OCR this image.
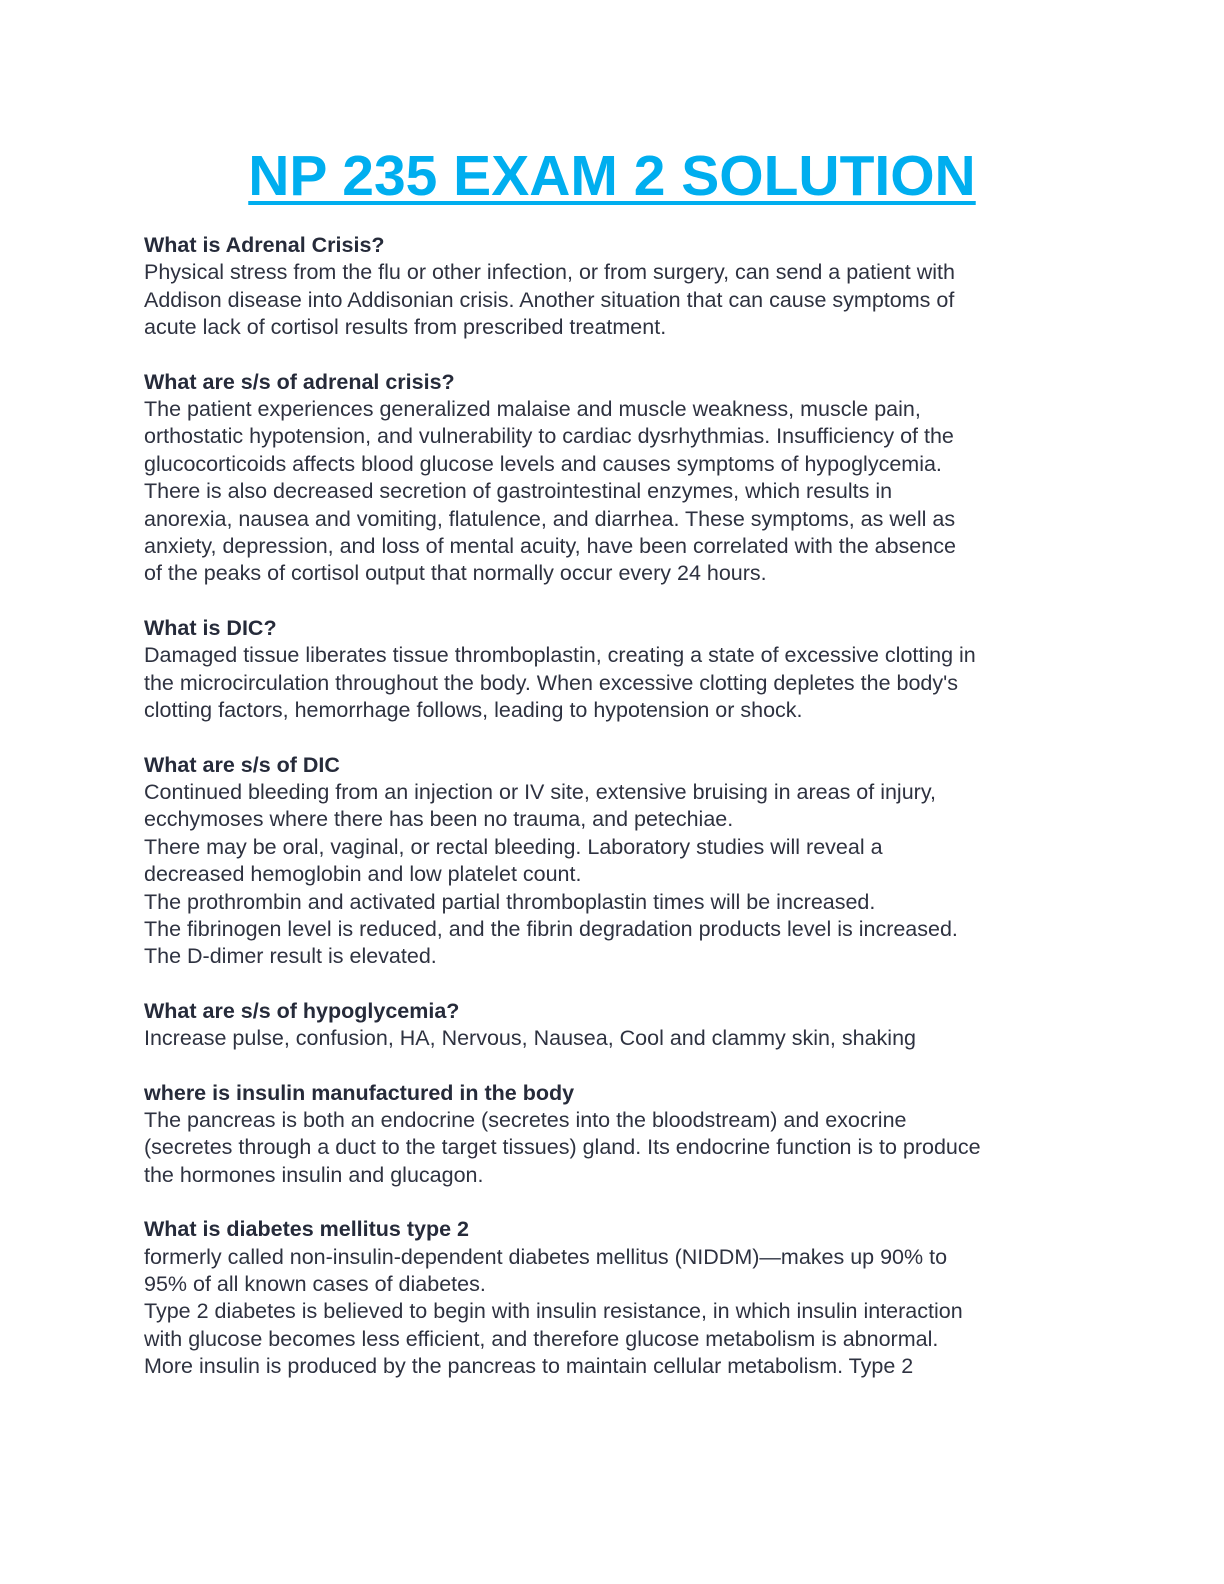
NP 235 EXAM 2 SOLUTION

What is Adrenal Crisis?

Physical stress from the flu or other infection, or from surgery, can send a patient with

Addison disease into Addisonian crisis. Another situation that can cause symptoms of

acute lack of cortisol results from prescribed treatment.

What are s/s of adrenal crisis?

The patient experiences generalized malaise and muscle weakness, muscle pain,

orthostatic hypotension, and vulnerability to cardiac dysrhythmias. Insufficiency of the

glucocorticoids affects blood glucose levels and causes symptoms of hypoglycemia.

There is also decreased secretion of gastrointestinal enzymes, which results in

anorexia, nausea and vomiting, flatulence, and diarrhea. These symptoms, as well as

anxiety, depression, and loss of mental acuity, have been correlated with the absence

of the peaks of cortisol output that normally occur every 24 hours.

What is DIC?

Damaged tissue liberates tissue thromboplastin, creating a state of excessive clotting in

the microcirculation throughout the body. When excessive clotting depletes the body's

clotting factors, hemorrhage follows, leading to hypotension or shock.

What are s/s of DIC

Continued bleeding from an injection or IV site, extensive bruising in areas of injury,

ecchymoses where there has been no trauma, and petechiae.

There may be oral, vaginal, or rectal bleeding. Laboratory studies will reveal a

decreased hemoglobin and low platelet count.

The prothrombin and activated partial thromboplastin times will be increased.

The fibrinogen level is reduced, and the fibrin degradation products level is increased.

The D-dimer result is elevated.

What are s/s of hypoglycemia?

Increase pulse, confusion, HA, Nervous, Nausea, Cool and clammy skin, shaking

where is insulin manufactured in the body

The pancreas is both an endocrine (secretes into the bloodstream) and exocrine

(secretes through a duct to the target tissues) gland. Its endocrine function is to produce

the hormones insulin and glucagon.

What is diabetes mellitus type 2

formerly called non-insulin-dependent diabetes mellitus (NIDDM)—makes up 90% to

95% of all known cases of diabetes.

Type 2 diabetes is believed to begin with insulin resistance, in which insulin interaction

with glucose becomes less efficient, and therefore glucose metabolism is abnormal.

More insulin is produced by the pancreas to maintain cellular metabolism. Type 2
